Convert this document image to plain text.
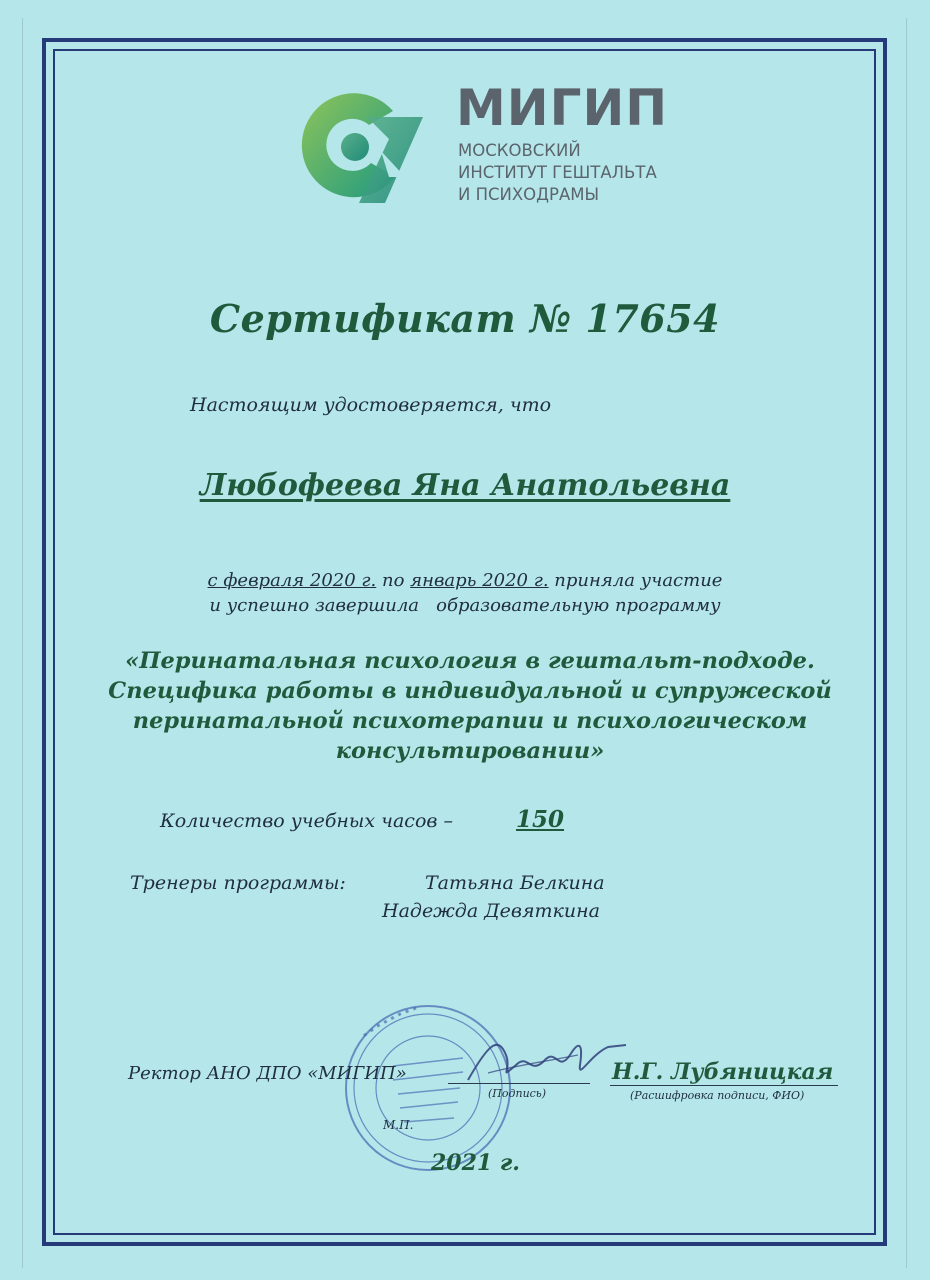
МИГИП
МОСКОВСКИЙ
ИНСТИТУТ ГЕШТАЛЬТА
И ПСИХОДРАМЫ
Сертификат № 17654
Настоящим удостоверяется, что
Любофеева Яна Анатольевна
с февраля 2020 г. по январь 2020 г. приняла участие
и успешно завершила   образовательную программу
«Перинатальная психология в гештальт-подходе. Специфика работы в индивидуальной и супружеской перинатальной психотерапии и психологическом консультировании»
Количество учебных часов –	150
Тренеры программы:	Татьяна Белкина
Надежда Девяткина
Ректор АНО ДПО «МИГИП»
(Подпись)
Н.Г. Лубяницкая
(Расшифровка подписи, ФИО)
М.П.
2021 г.
